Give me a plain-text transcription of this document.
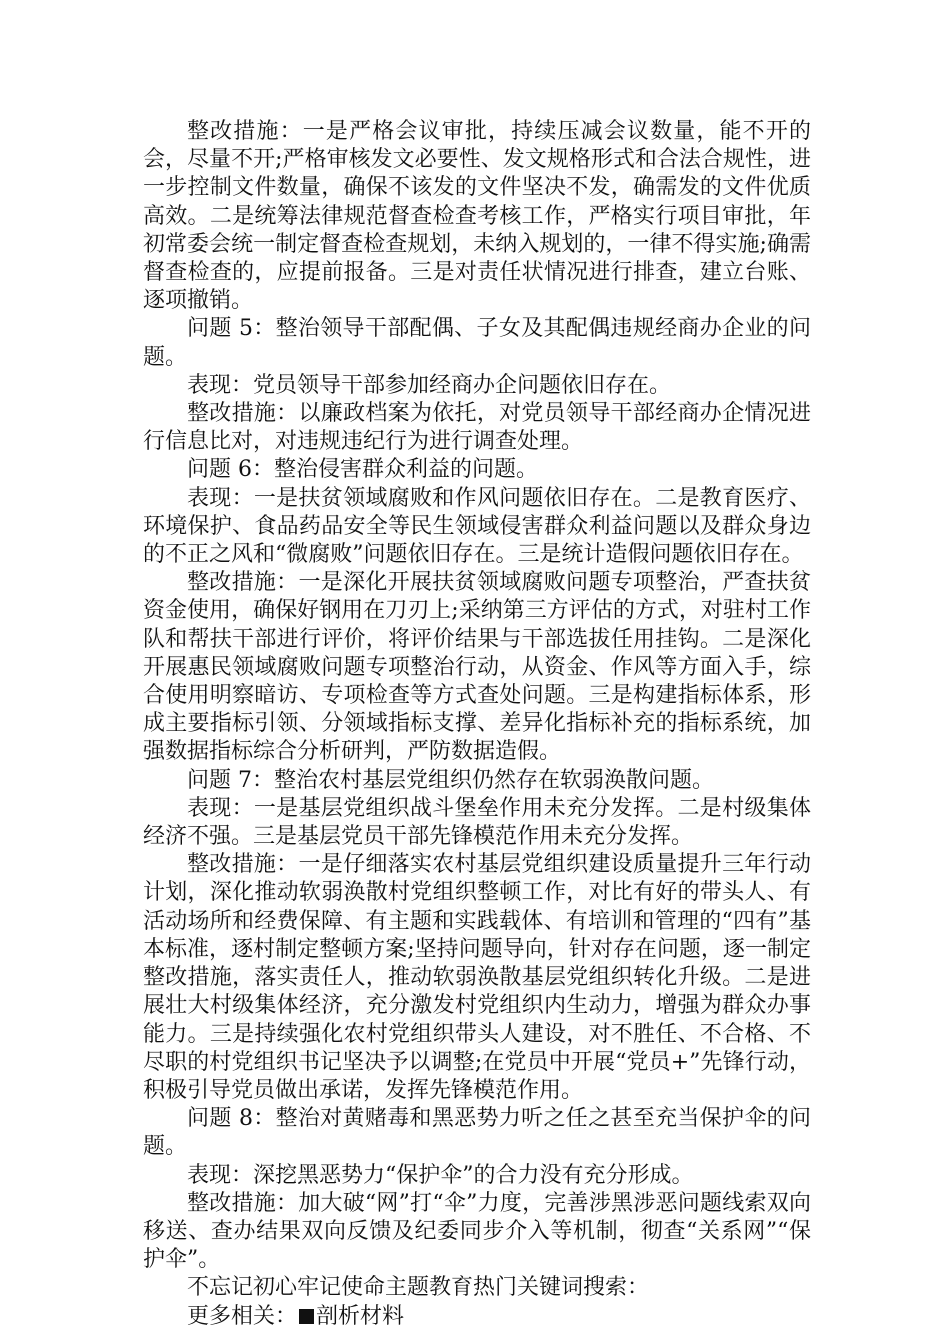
整改措施：一是严格会议审批，持续压减会议数量，能不开的会，尽量不开;严格审核发文必要性、发文规格形式和合法合规性，进一步控制文件数量，确保不该发的文件坚决不发，确需发的文件优质高效。二是统筹法律规范督查检查考核工作，严格实行项目审批，年初常委会统一制定督查检查规划，未纳入规划的，一律不得实施;确需督查检查的，应提前报备。三是对责任状情况进行排查，建立台账、逐项撤销。

问题 5：整治领导干部配偶、子女及其配偶违规经商办企业的问题。

表现：党员领导干部参加经商办企问题依旧存在。

整改措施：以廉政档案为依托，对党员领导干部经商办企情况进行信息比对，对违规违纪行为进行调查处理。

问题 6：整治侵害群众利益的问题。

表现：一是扶贫领域腐败和作风问题依旧存在。二是教育医疗、环境保护、食品药品安全等民生领域侵害群众利益问题以及群众身边的不正之风和“微腐败”问题依旧存在。三是统计造假问题依旧存在。

整改措施：一是深化开展扶贫领域腐败问题专项整治，严查扶贫资金使用，确保好钢用在刀刃上;采纳第三方评估的方式，对驻村工作队和帮扶干部进行评价，将评价结果与干部选拔任用挂钩。二是深化开展惠民领域腐败问题专项整治行动，从资金、作风等方面入手，综合使用明察暗访、专项检查等方式查处问题。三是构建指标体系，形成主要指标引领、分领域指标支撑、差异化指标补充的指标系统，加强数据指标综合分析研判，严防数据造假。

问题 7：整治农村基层党组织仍然存在软弱涣散问题。

表现：一是基层党组织战斗堡垒作用未充分发挥。二是村级集体经济不强。三是基层党员干部先锋模范作用未充分发挥。

整改措施：一是仔细落实农村基层党组织建设质量提升三年行动计划，深化推动软弱涣散村党组织整顿工作，对比有好的带头人、有活动场所和经费保障、有主题和实践载体、有培训和管理的“四有”基本标准，逐村制定整顿方案;坚持问题导向，针对存在问题，逐一制定整改措施，落实责任人，推动软弱涣散基层党组织转化升级。二是进展壮大村级集体经济，充分激发村党组织内生动力，增强为群众办事能力。三是持续强化农村党组织带头人建设，对不胜任、不合格、不尽职的村党组织书记坚决予以调整;在党员中开展“党员+”先锋行动，积极引导党员做出承诺，发挥先锋模范作用。

问题 8：整治对黄赌毒和黑恶势力听之任之甚至充当保护伞的问题。

表现：深挖黑恶势力“保护伞”的合力没有充分形成。

整改措施：加大破“网”打“伞”力度，完善涉黑涉恶问题线索双向移送、查办结果双向反馈及纪委同步介入等机制，彻查“关系网”“保护伞”。

不忘记初心牢记使命主题教育热门关键词搜索：

更多相关： 剖析材料
